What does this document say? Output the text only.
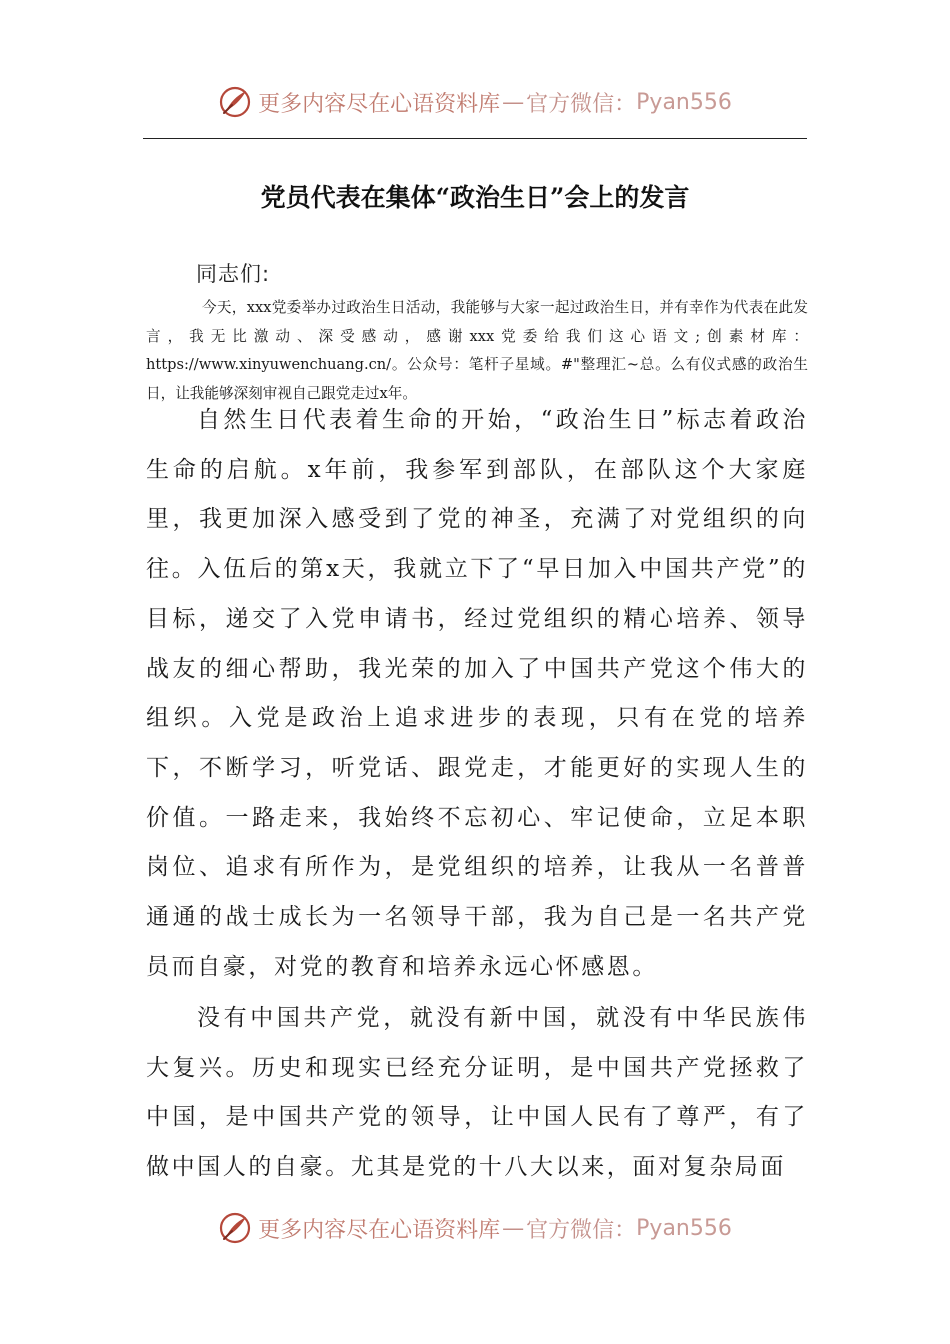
更多内容尽在心语资料库 — 官方微信： Pyan556
党员代表在集体“政治生日”会上的发言
同志们:

今天，xxx党委举办过政治生日活动，我能够与大家一起过政治生日，并有幸作为代表在此发言，我无比激动、深受感动，感谢xxx党委给我们这心语文;创素材库：https://www.xinyuwenchuang.cn/。公众号：笔杆子星域。#"整理汇~总。么有仪式感的政治生日，让我能够深刻审视自己跟党走过x年。

自然生日代表着生命的开始，“政治生日”标志着政治生命的启航。x年前，我参军到部队，在部队这个大家庭里，我更加深入感受到了党的神圣，充满了对党组织的向往。入伍后的第x天，我就立下了“早日加入中国共产党”的目标，递交了入党申请书，经过党组织的精心培养、领导战友的细心帮助，我光荣的加入了中国共产党这个伟大的组织。入党是政治上追求进步的表现，只有在党的培养下，不断学习，听党话、跟党走，才能更好的实现人生的价值。一路走来，我始终不忘初心、牢记使命，立足本职岗位、追求有所作为，是党组织的培养，让我从一名普普通通的战士成长为一名领导干部，我为自己是一名共产党员而自豪，对党的教育和培养永远心怀感恩。

没有中国共产党，就没有新中国，就没有中华民族伟大复兴。历史和现实已经充分证明，是中国共产党拯救了中国，是中国共产党的领导，让中国人民有了尊严，有了做中国人的自豪。尤其是党的十八大以来，面对复杂局面

更多内容尽在心语资料库 — 官方微信： Pyan556
